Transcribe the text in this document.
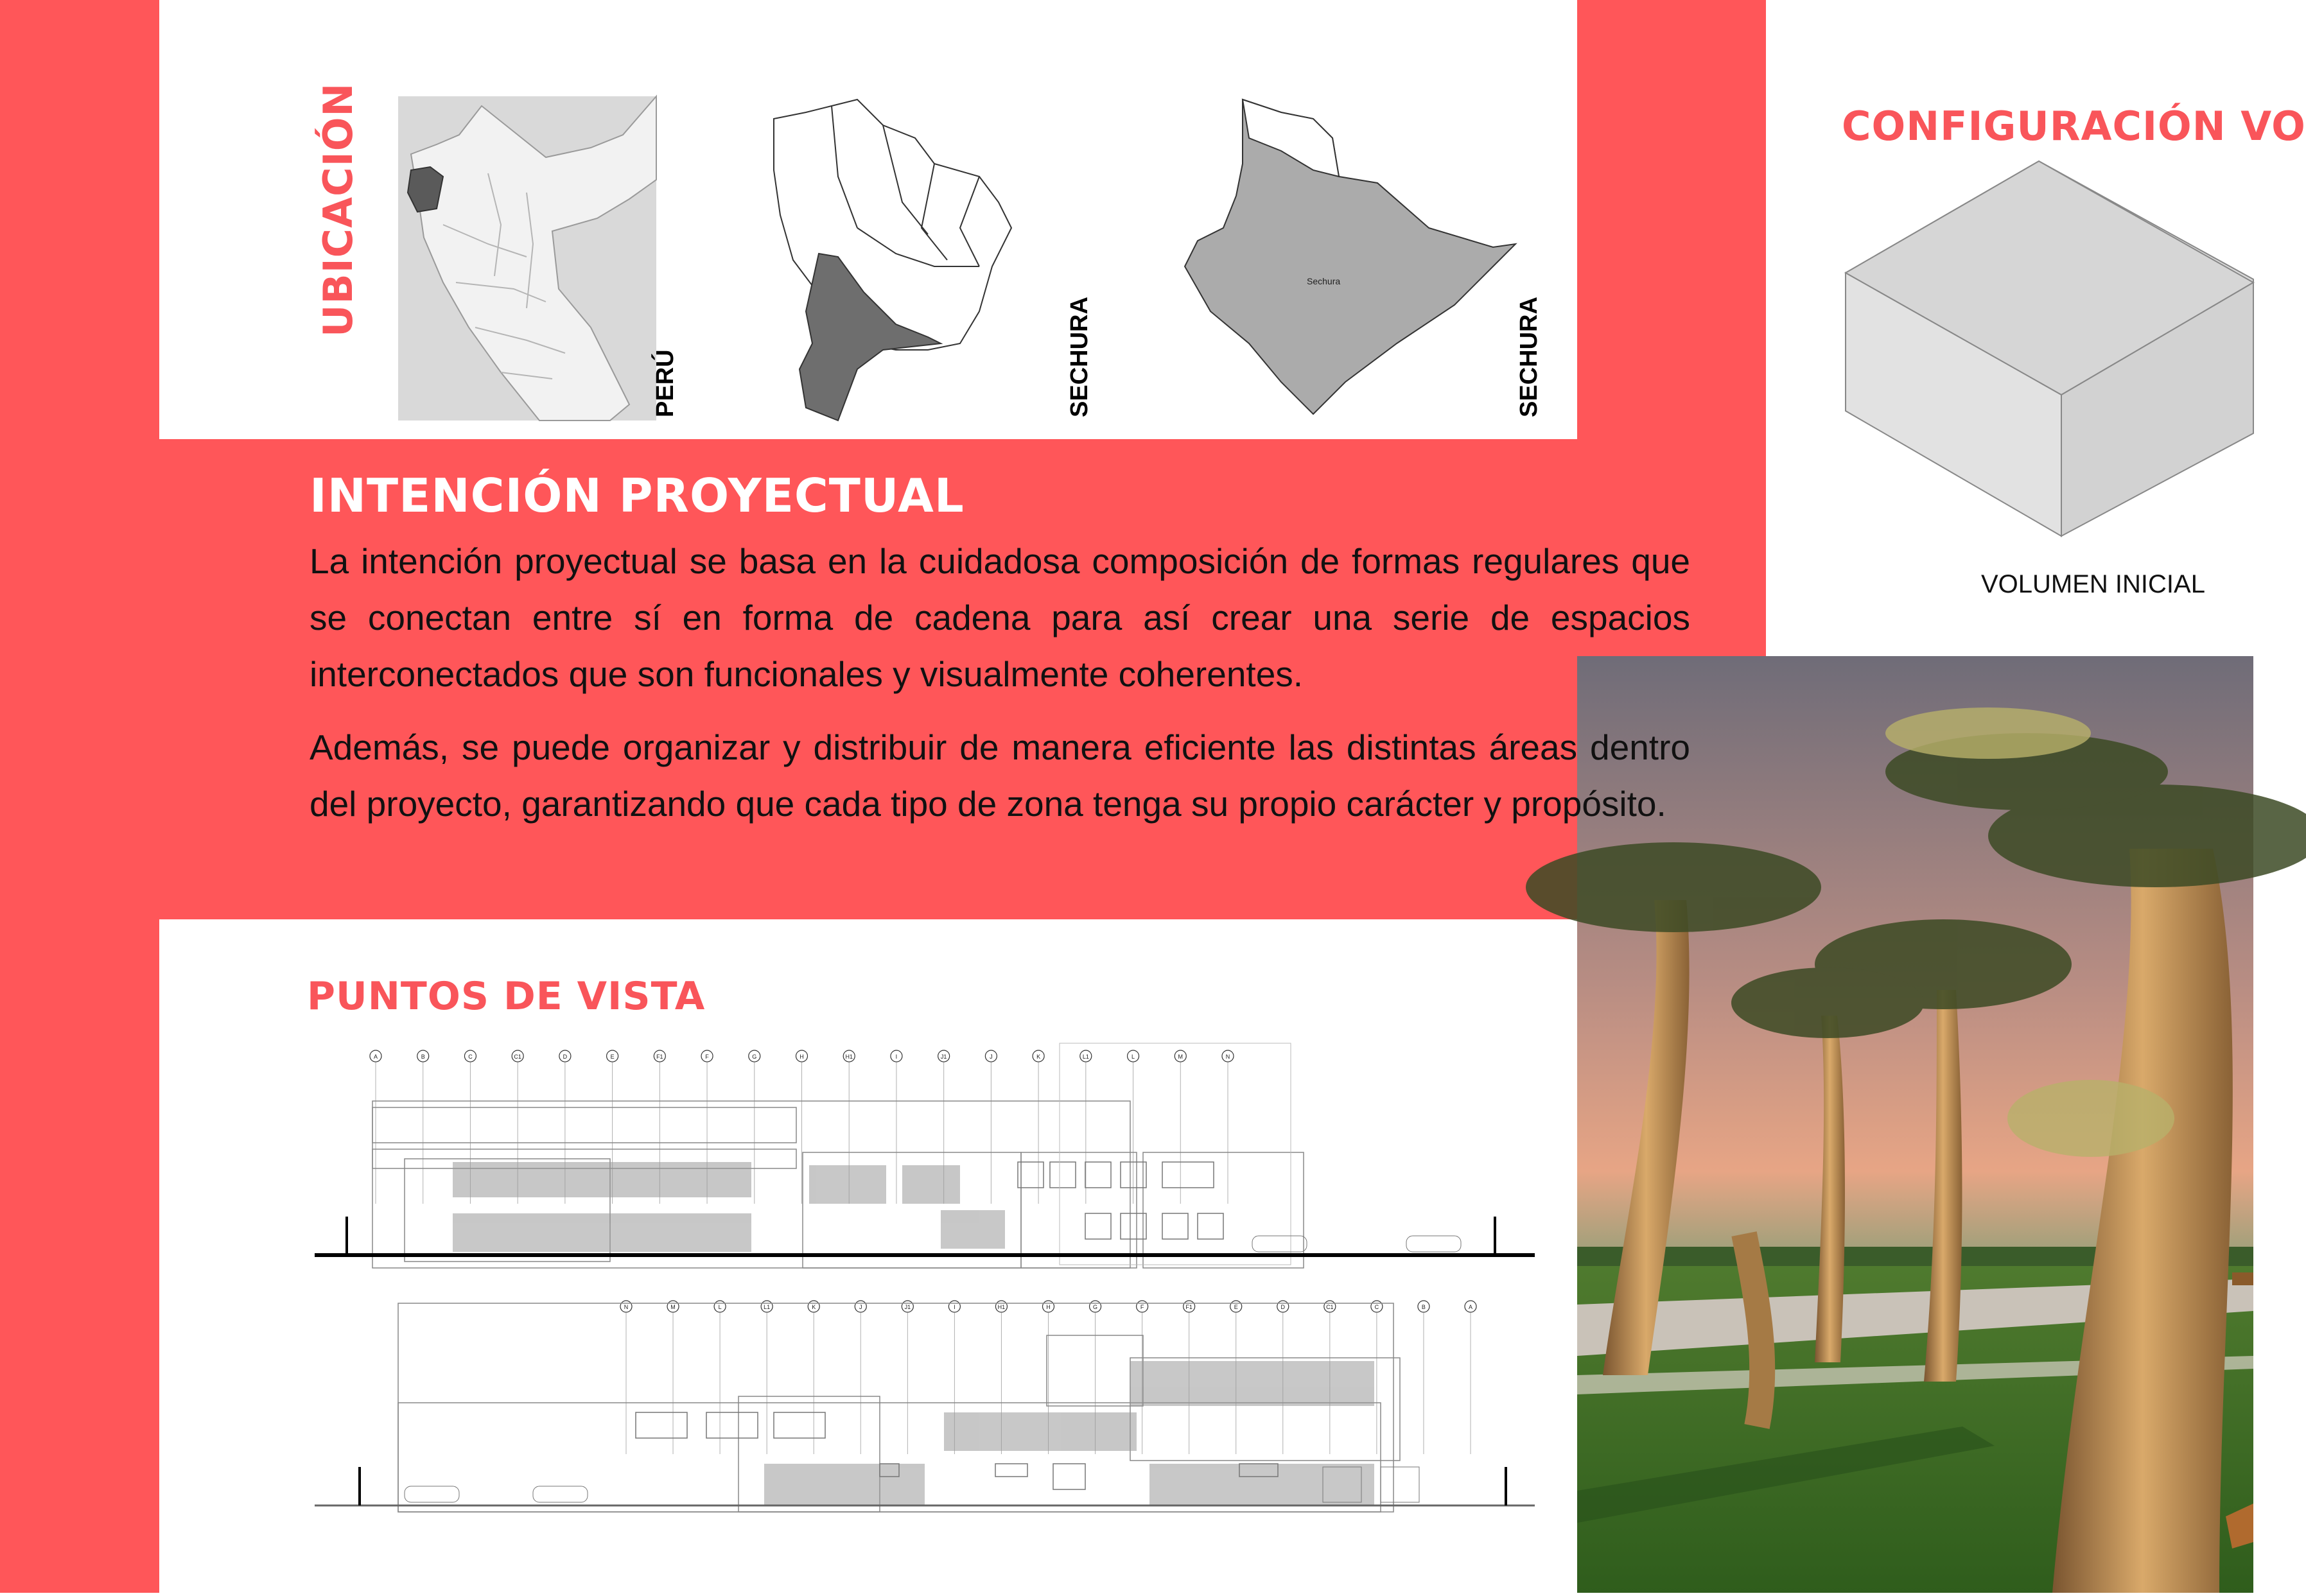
UBICACIÓN
PERÚ	SECHURA
Sechura
SECHURA
CONFIGURACIÓN VO
VOLUMEN INICIAL
INTENCIÓN PROYECTUAL

La intención proyectual se basa en la cuidadosa composición de formas regulares que se conectan entre sí en forma de cadena para así crear una serie de espacios interconectados que son funcionales y visualmente coherentes.

Además, se puede organizar y distribuir de manera eficiente las distintas áreas dentro del proyecto, garantizando que cada tipo de zona tenga su propio carácter y propósito.

PUNTOS DE VISTA
A	B	C	C1	D	E	F1	F	G	H	H1	I	J1	J	K	L1	L	M	N
N	M	L	L1	K	J	J1	I	H1	H	G	F	F1	E	D	C1	C	B	A
